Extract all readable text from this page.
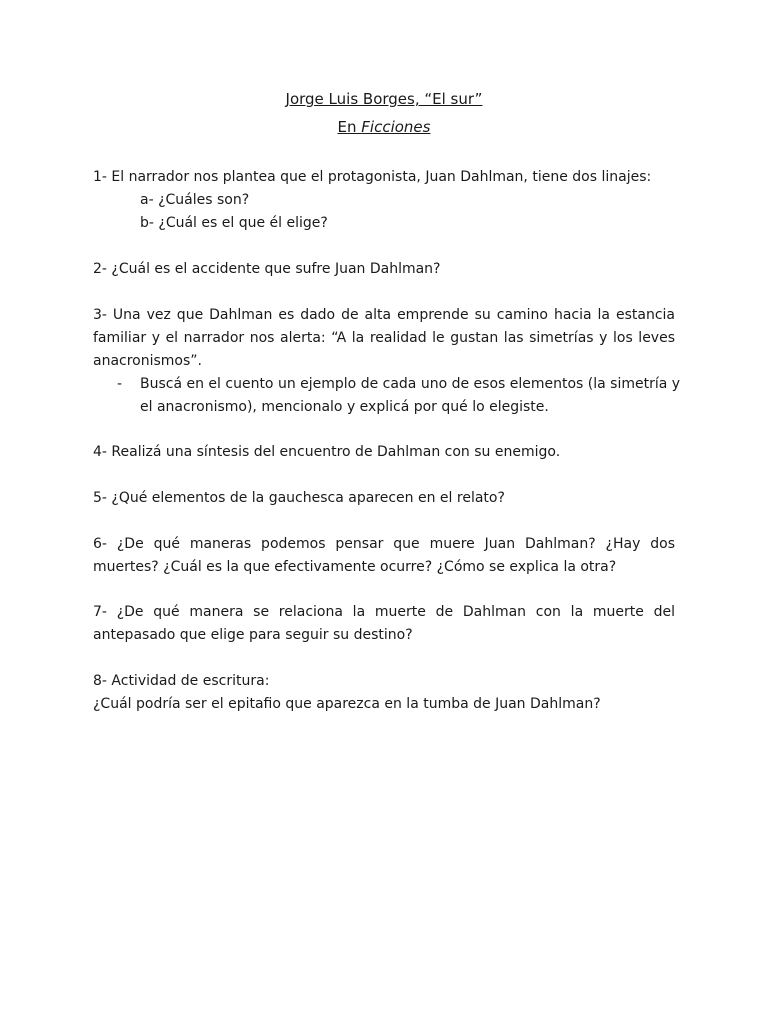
Jorge Luis Borges, “El sur”
En Ficciones
1- El narrador nos plantea que el protagonista, Juan Dahlman, tiene dos linajes:
a- ¿Cuáles son?
b- ¿Cuál es el que él elige?
2- ¿Cuál es el accidente que sufre Juan Dahlman?
3- Una vez que Dahlman es dado de alta emprende su camino hacia la estancia
familiar y el narrador nos alerta: “A la realidad le gustan las simetrías y los leves
anacronismos”.
- Buscá en el cuento un ejemplo de cada uno de esos elementos (la simetría y
el anacronismo), mencionalo y explicá por qué lo elegiste.
4- Realizá una síntesis del encuentro de Dahlman con su enemigo.
5- ¿Qué elementos de la gauchesca aparecen en el relato?
6- ¿De qué maneras podemos pensar que muere Juan Dahlman? ¿Hay dos
muertes? ¿Cuál es la que efectivamente ocurre? ¿Cómo se explica la otra?
7- ¿De qué manera se relaciona la muerte de Dahlman con la muerte del
antepasado que elige para seguir su destino?
8- Actividad de escritura:
¿Cuál podría ser el epitafio que aparezca en la tumba de Juan Dahlman?
